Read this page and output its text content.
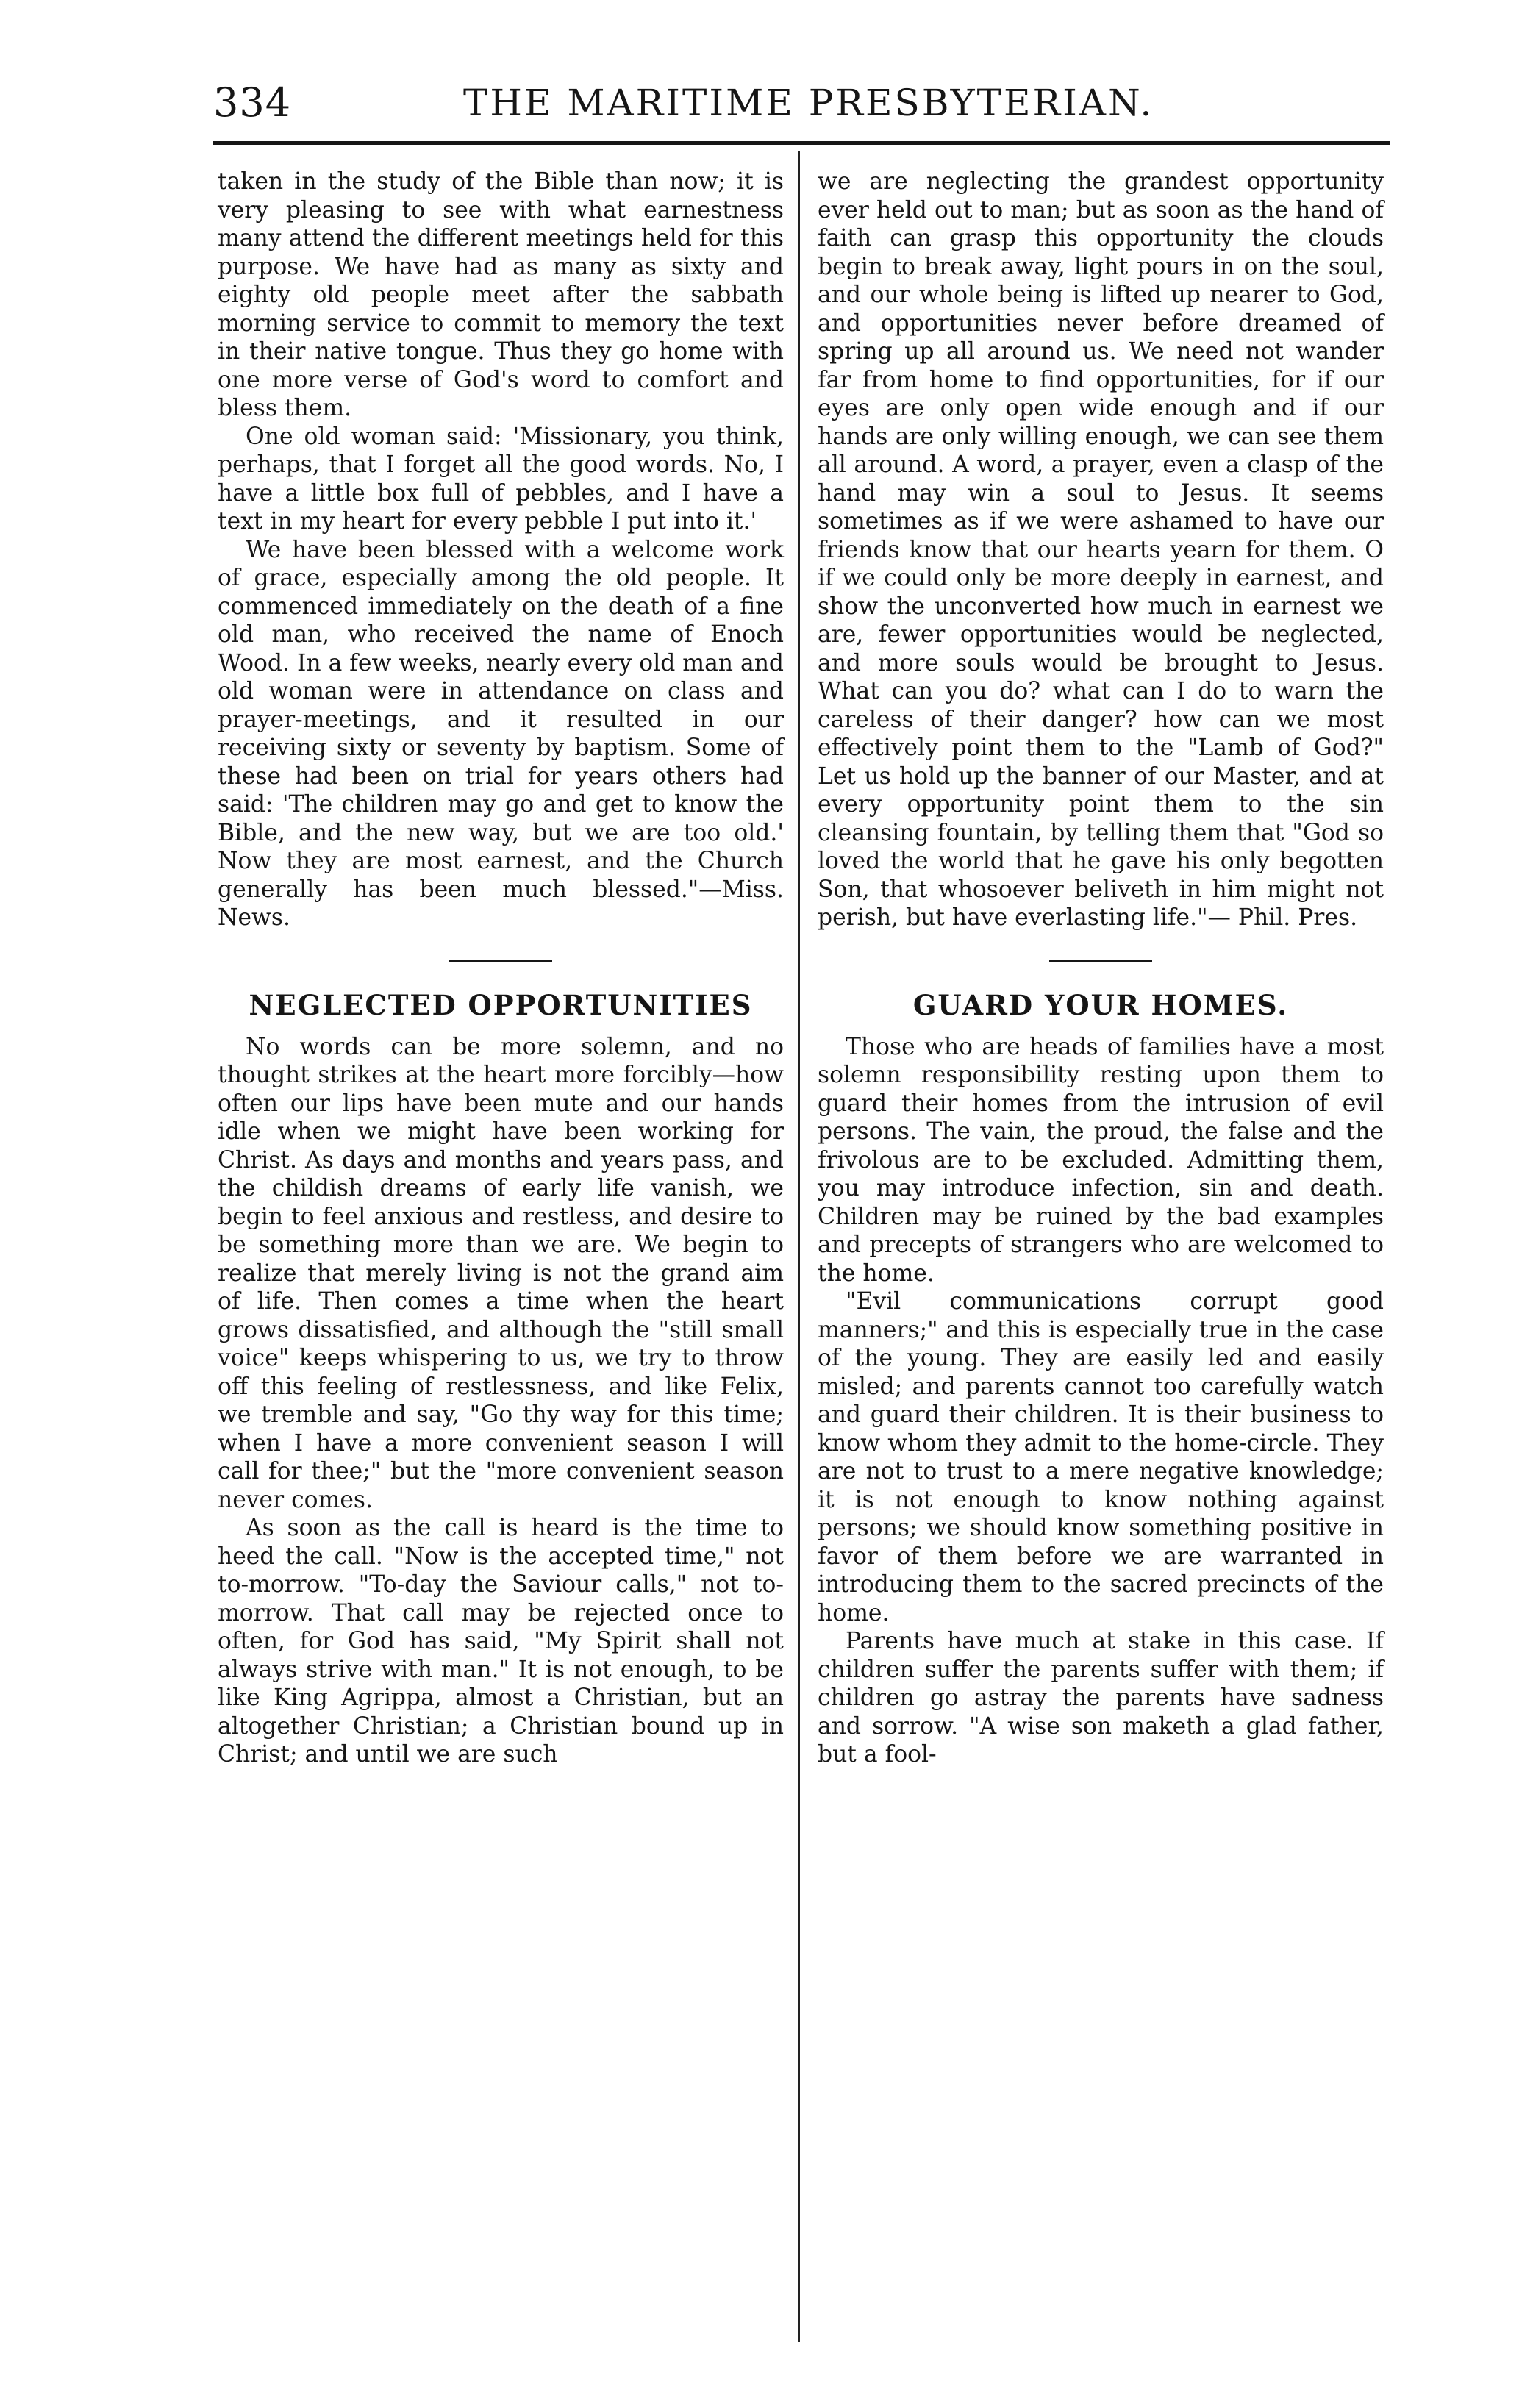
334	THE MARITIME PRESBYTERIAN.

taken in the study of the Bible than now; it is very pleasing to see with what earnestness many attend the different meetings held for this purpose. We have had as many as sixty and eighty old people meet after the sabbath morning service to commit to memory the text in their native tongue. Thus they go home with one more verse of God's word to comfort and bless them.

One old woman said: 'Missionary, you think, perhaps, that I forget all the good words. No, I have a little box full of pebbles, and I have a text in my heart for every pebble I put into it.'

We have been blessed with a welcome work of grace, especially among the old people. It commenced immediately on the death of a fine old man, who received the name of Enoch Wood. In a few weeks, nearly every old man and old woman were in attendance on class and prayer-meetings, and it resulted in our receiving sixty or seventy by baptism. Some of these had been on trial for years others had said: 'The children may go and get to know the Bible, and the new way, but we are too old.' Now they are most earnest, and the Church generally has been much blessed."—Miss. News.

NEGLECTED OPPORTUNITIES

No words can be more solemn, and no thought strikes at the heart more forcibly—how often our lips have been mute and our hands idle when we might have been working for Christ. As days and months and years pass, and the childish dreams of early life vanish, we begin to feel anxious and restless, and desire to be something more than we are. We begin to realize that merely living is not the grand aim of life. Then comes a time when the heart grows dissatisfied, and although the "still small voice" keeps whispering to us, we try to throw off this feeling of restlessness, and like Felix, we tremble and say, "Go thy way for this time; when I have a more convenient season I will call for thee;" but the "more convenient season never comes.

As soon as the call is heard is the time to heed the call. "Now is the accepted time," not to-morrow. "To-day the Saviour calls," not to-morrow. That call may be rejected once to often, for God has said, "My Spirit shall not always strive with man." It is not enough, to be like King Agrippa, almost a Christian, but an altogether Christian; a Christian bound up in Christ; and until we are such

we are neglecting the grandest opportunity ever held out to man; but as soon as the hand of faith can grasp this opportunity the clouds begin to break away, light pours in on the soul, and our whole being is lifted up nearer to God, and opportunities never before dreamed of spring up all around us. We need not wander far from home to find opportunities, for if our eyes are only open wide enough and if our hands are only willing enough, we can see them all around. A word, a prayer, even a clasp of the hand may win a soul to Jesus. It seems sometimes as if we were ashamed to have our friends know that our hearts yearn for them. O if we could only be more deeply in earnest, and show the unconverted how much in earnest we are, fewer opportunities would be neglected, and more souls would be brought to Jesus. What can you do? what can I do to warn the careless of their danger? how can we most effectively point them to the "Lamb of God?" Let us hold up the banner of our Master, and at every opportunity point them to the sin cleansing fountain, by telling them that "God so loved the world that he gave his only begotten Son, that whosoever beliveth in him might not perish, but have everlasting life."— Phil. Pres.

GUARD YOUR HOMES.

Those who are heads of families have a most solemn responsibility resting upon them to guard their homes from the intrusion of evil persons. The vain, the proud, the false and the frivolous are to be excluded. Admitting them, you may introduce infection, sin and death. Children may be ruined by the bad examples and precepts of strangers who are welcomed to the home.

"Evil communications corrupt good manners;" and this is especially true in the case of the young. They are easily led and easily misled; and parents cannot too carefully watch and guard their children. It is their business to know whom they admit to the home-circle. They are not to trust to a mere negative knowledge; it is not enough to know nothing against persons; we should know something positive in favor of them before we are warranted in introducing them to the sacred precincts of the home.

Parents have much at stake in this case. If children suffer the parents suffer with them; if children go astray the parents have sadness and sorrow. "A wise son maketh a glad father, but a fool-
